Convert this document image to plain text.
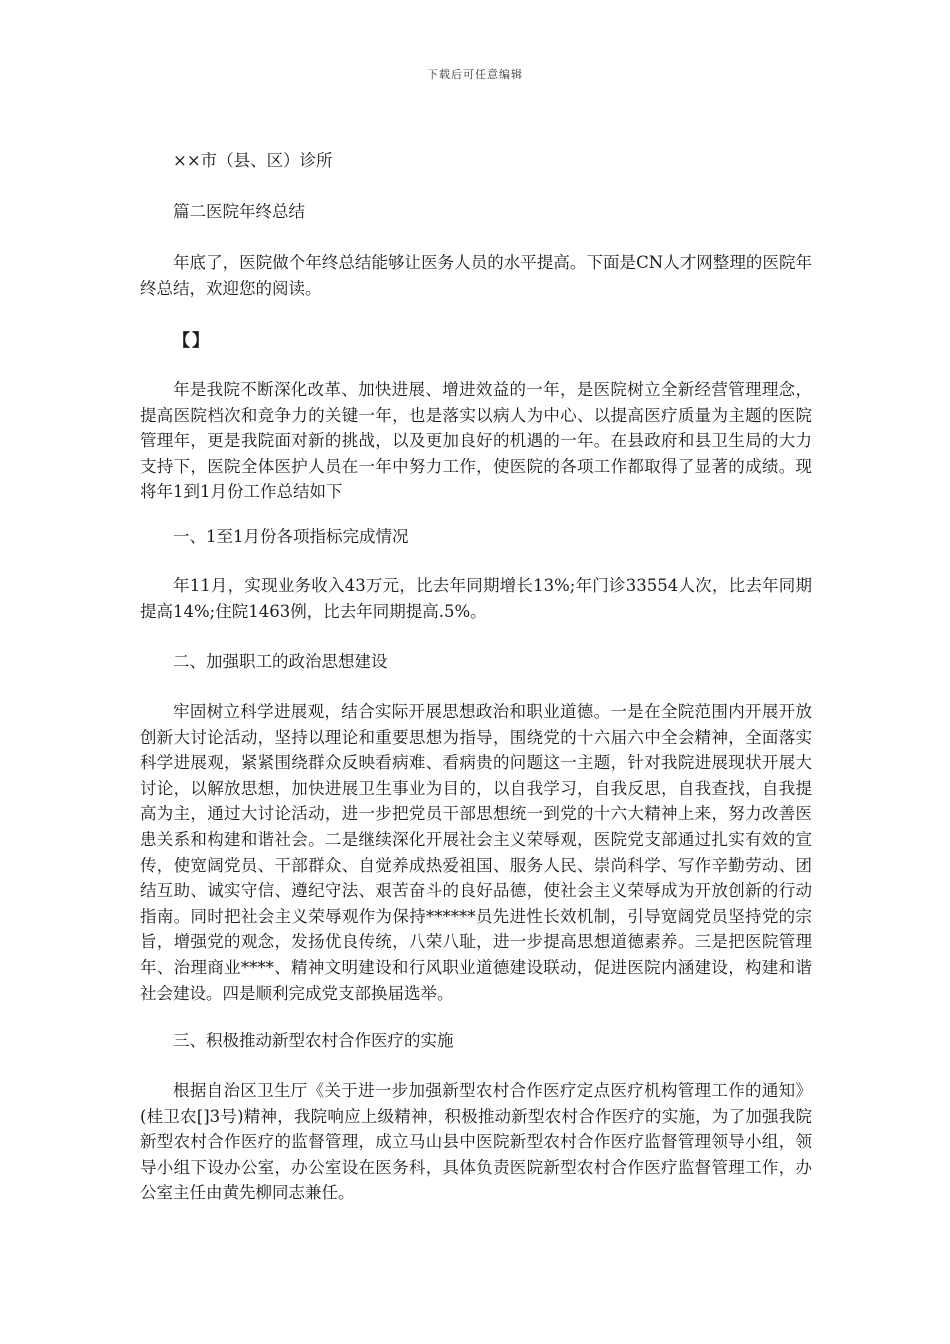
下载后可任意编辑

××市（县、区）诊所

篇二医院年终总结

年底了，医院做个年终总结能够让医务人员的水平提高。下面是CN人才网整理的医院年终总结，欢迎您的阅读。

【】

年是我院不断深化改革、加快进展、增进效益的一年，是医院树立全新经营管理理念，提高医院档次和竞争力的关键一年，也是落实以病人为中心、以提高医疗质量为主题的医院管理年，更是我院面对新的挑战，以及更加良好的机遇的一年。在县政府和县卫生局的大力支持下，医院全体医护人员在一年中努力工作，使医院的各项工作都取得了显著的成绩。现将年1到1月份工作总结如下

一、1至1月份各项指标完成情况

年11月，实现业务收入43万元，比去年同期增长13%;年门诊33554人次，比去年同期提高14%;住院1463例，比去年同期提高.5%。

二、加强职工的政治思想建设

牢固树立科学进展观，结合实际开展思想政治和职业道德。一是在全院范围内开展开放创新大讨论活动，坚持以理论和重要思想为指导，围绕党的十六届六中全会精神，全面落实科学进展观，紧紧围绕群众反映看病难、看病贵的问题这一主题，针对我院进展现状开展大讨论，以解放思想，加快进展卫生事业为目的，以自我学习，自我反思，自我查找，自我提高为主，通过大讨论活动，进一步把党员干部思想统一到党的十六大精神上来，努力改善医患关系和构建和谐社会。二是继续深化开展社会主义荣辱观，医院党支部通过扎实有效的宣传，使宽阔党员、干部群众、自觉养成热爱祖国、服务人民、崇尚科学、写作辛勤劳动、团结互助、诚实守信、遵纪守法、艰苦奋斗的良好品德，使社会主义荣辱成为开放创新的行动指南。同时把社会主义荣辱观作为保持******员先进性长效机制，引导宽阔党员坚持党的宗旨，增强党的观念，发扬优良传统，八荣八耻，进一步提高思想道德素养。三是把医院管理年、治理商业****、精神文明建设和行风职业道德建设联动，促进医院内涵建设，构建和谐社会建设。四是顺利完成党支部换届选举。

三、积极推动新型农村合作医疗的实施

根据自治区卫生厅《关于进一步加强新型农村合作医疗定点医疗机构管理工作的通知》(桂卫农[]3号)精神，我院响应上级精神，积极推动新型农村合作医疗的实施，为了加强我院新型农村合作医疗的监督管理，成立马山县中医院新型农村合作医疗监督管理领导小组，领导小组下设办公室，办公室设在医务科，具体负责医院新型农村合作医疗监督管理工作，办公室主任由黄先柳同志兼任。
